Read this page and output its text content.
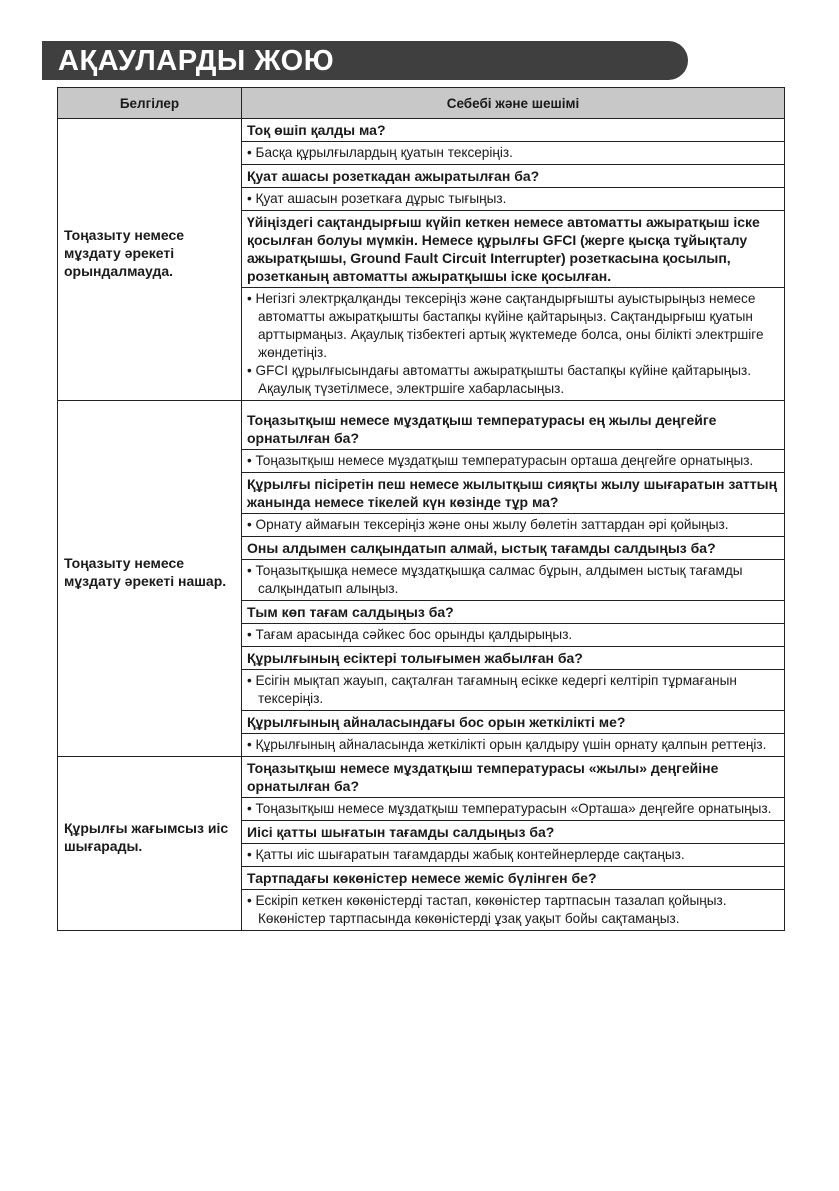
АҚАУЛАРДЫ ЖОЮ
Белгілер	Себебі және шешімі

Тоңазыту немесе мұздату әрекеті орындалмауда.	Тоқ өшіп қалды ма?

	• Басқа құрылғылардың қуатын тексеріңіз.

	Қуат ашасы розеткадан ажыратылған ба?

	• Қуат ашасын розеткаға дұрыс тығыңыз.

	Үйіңіздегі сақтандырғыш күйіп кеткен немесе автоматты ажыратқыш іске қосылған болуы мүмкін. Немесе құрылғы GFCI (жерге қысқа тұйықталу ажыратқышы, Ground Fault Circuit Interrupter) розеткасына қосылып, розетканың автоматты ажыратқышы іске қосылған.

	• Негізгі электрқалқанды тексеріңіз және сақтандырғышты ауыстырыңыз немесе автоматты ажыратқышты бастапқы күйіне қайтарыңыз. Сақтандырғыш қуатын арттырмаңыз. Ақаулық тізбектегі артық жүктемеде болса, оны білікті электршіге жөндетіңіз.
• GFCI құрылғысындағы автоматты ажыратқышты бастапқы күйіне қайтарыңыз. Ақаулық түзетілмесе, электршіге хабарласыңыз.

Тоңазыту немесе мұздату әрекеті нашар.	Тоңазытқыш немесе мұздатқыш температурасы ең жылы деңгейге орнатылған ба?

	• Тоңазытқыш немесе мұздатқыш температурасын орташа деңгейге орнатыңыз.

	Құрылғы пісіретін пеш немесе жылытқыш сияқты жылу шығаратын заттың жанында немесе тікелей күн көзінде тұр ма?

	• Орнату аймағын тексеріңіз және оны жылу бөлетін заттардан әрі қойыңыз.

	Оны алдымен салқындатып алмай, ыстық тағамды салдыңыз ба?

	• Тоңазытқышқа немесе мұздатқышқа салмас бұрын, алдымен ыстық тағамды салқындатып алыңыз.

	Тым көп тағам салдыңыз ба?

	• Тағам арасында сәйкес бос орынды қалдырыңыз.

	Құрылғының есіктері толығымен жабылған ба?

	• Есігін мықтап жауып, сақталған тағамның есікке кедергі келтіріп тұрмағанын тексеріңіз.

	Құрылғының айналасындағы бос орын жеткілікті ме?

	• Құрылғының айналасында жеткілікті орын қалдыру үшін орнату қалпын реттеңіз.

Құрылғы жағымсыз иіс шығарады.	Тоңазытқыш немесе мұздатқыш температурасы «жылы» деңгейіне орнатылған ба?

	• Тоңазытқыш немесе мұздатқыш температурасын «Орташа» деңгейге орнатыңыз.

	Иісі қатты шығатын тағамды салдыңыз ба?

	• Қатты иіс шығаратын тағамдарды жабық контейнерлерде сақтаңыз.

	Тартпадағы көкөністер немесе жеміс бүлінген бе?

	• Ескіріп кеткен көкөністерді тастап, көкөністер тартпасын тазалап қойыңыз. Көкөністер тартпасында көкөністерді ұзақ уақыт бойы сақтамаңыз.
